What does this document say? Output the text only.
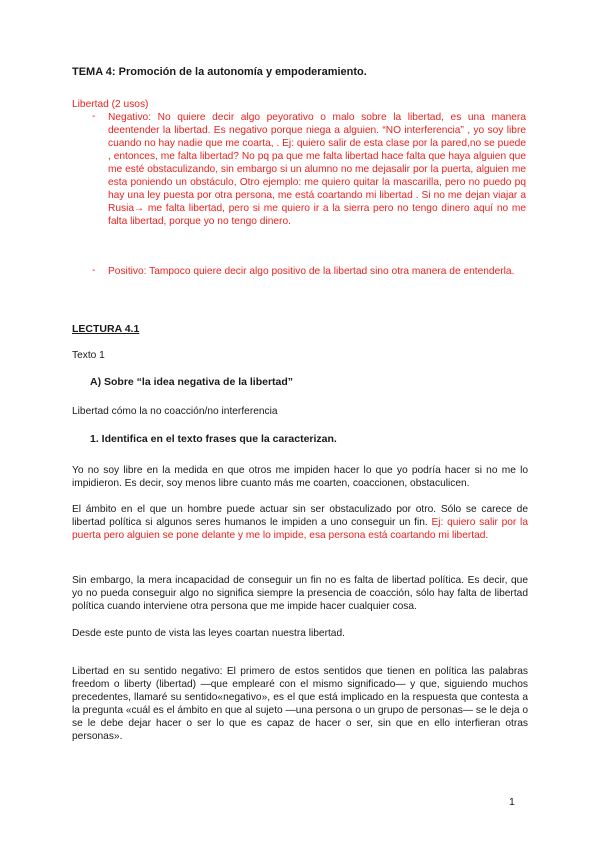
TEMA 4: Promoción de la autonomía y empoderamiento.
Libertad (2 usos)
- Negativo: No quiere decir algo peyorativo o malo sobre la libertad, es una manera deentender la libertad. Es negativo porque niega a alguien. “NO interferencia” , yo soy libre cuando no hay nadie que me coarta, . Ej: quiero salir de esta clase por la pared,no se puede , entonces, me falta libertad? No pq pa que me falta libertad hace falta que haya alguien que me esté obstaculizando, sin embargo si un alumno no me dejasalir por la puerta, alguien me esta poniendo un obstáculo, Otro ejemplo: me quiero quitar la mascarilla, pero no puedo pq hay una ley puesta por otra persona, me está coartando mi libertad . Si no me dejan viajar a Rusia→ me falta libertad, pero si me quiero ir a la sierra pero no tengo dinero aquí no me falta libertad, porque yo no tengo dinero.
- Positivo: Tampoco quiere decir algo positivo de la libertad sino otra manera de entenderla.
LECTURA 4.1
Texto 1
A) Sobre “la idea negativa de la libertad”
Libertad cómo la no coacción/no interferencia
1. Identifica en el texto frases que la caracterizan.
Yo no soy libre en la medida en que otros me impiden hacer lo que yo podría hacer si no me lo impidieron. Es decir, soy menos libre cuanto más me coarten, coaccionen, obstaculicen.
El ámbito en el que un hombre puede actuar sin ser obstaculizado por otro. Sólo se carece de libertad política si algunos seres humanos le impiden a uno conseguir un fin. Ej: quiero salir por la puerta pero alguien se pone delante y me lo impide, esa persona está coartando mi libertad.
Sin embargo, la mera incapacidad de conseguir un fin no es falta de libertad política. Es decir, que yo no pueda conseguir algo no significa siempre la presencia de coacción, sólo hay falta de libertad política cuando interviene otra persona que me impide hacer cualquier cosa.
Desde este punto de vista las leyes coartan nuestra libertad.
Libertad en su sentido negativo: El primero de estos sentidos que tienen en política las palabras freedom o liberty (libertad) —que emplearé con el mismo significado— y que, siguiendo muchos precedentes, llamaré su sentido«negativo», es el que está implicado en la respuesta que contesta a la pregunta «cuál es el ámbito en que al sujeto —una persona o un grupo de personas— se le deja o se le debe dejar hacer o ser lo que es capaz de hacer o ser, sin que en ello interfieran otras personas».
1
